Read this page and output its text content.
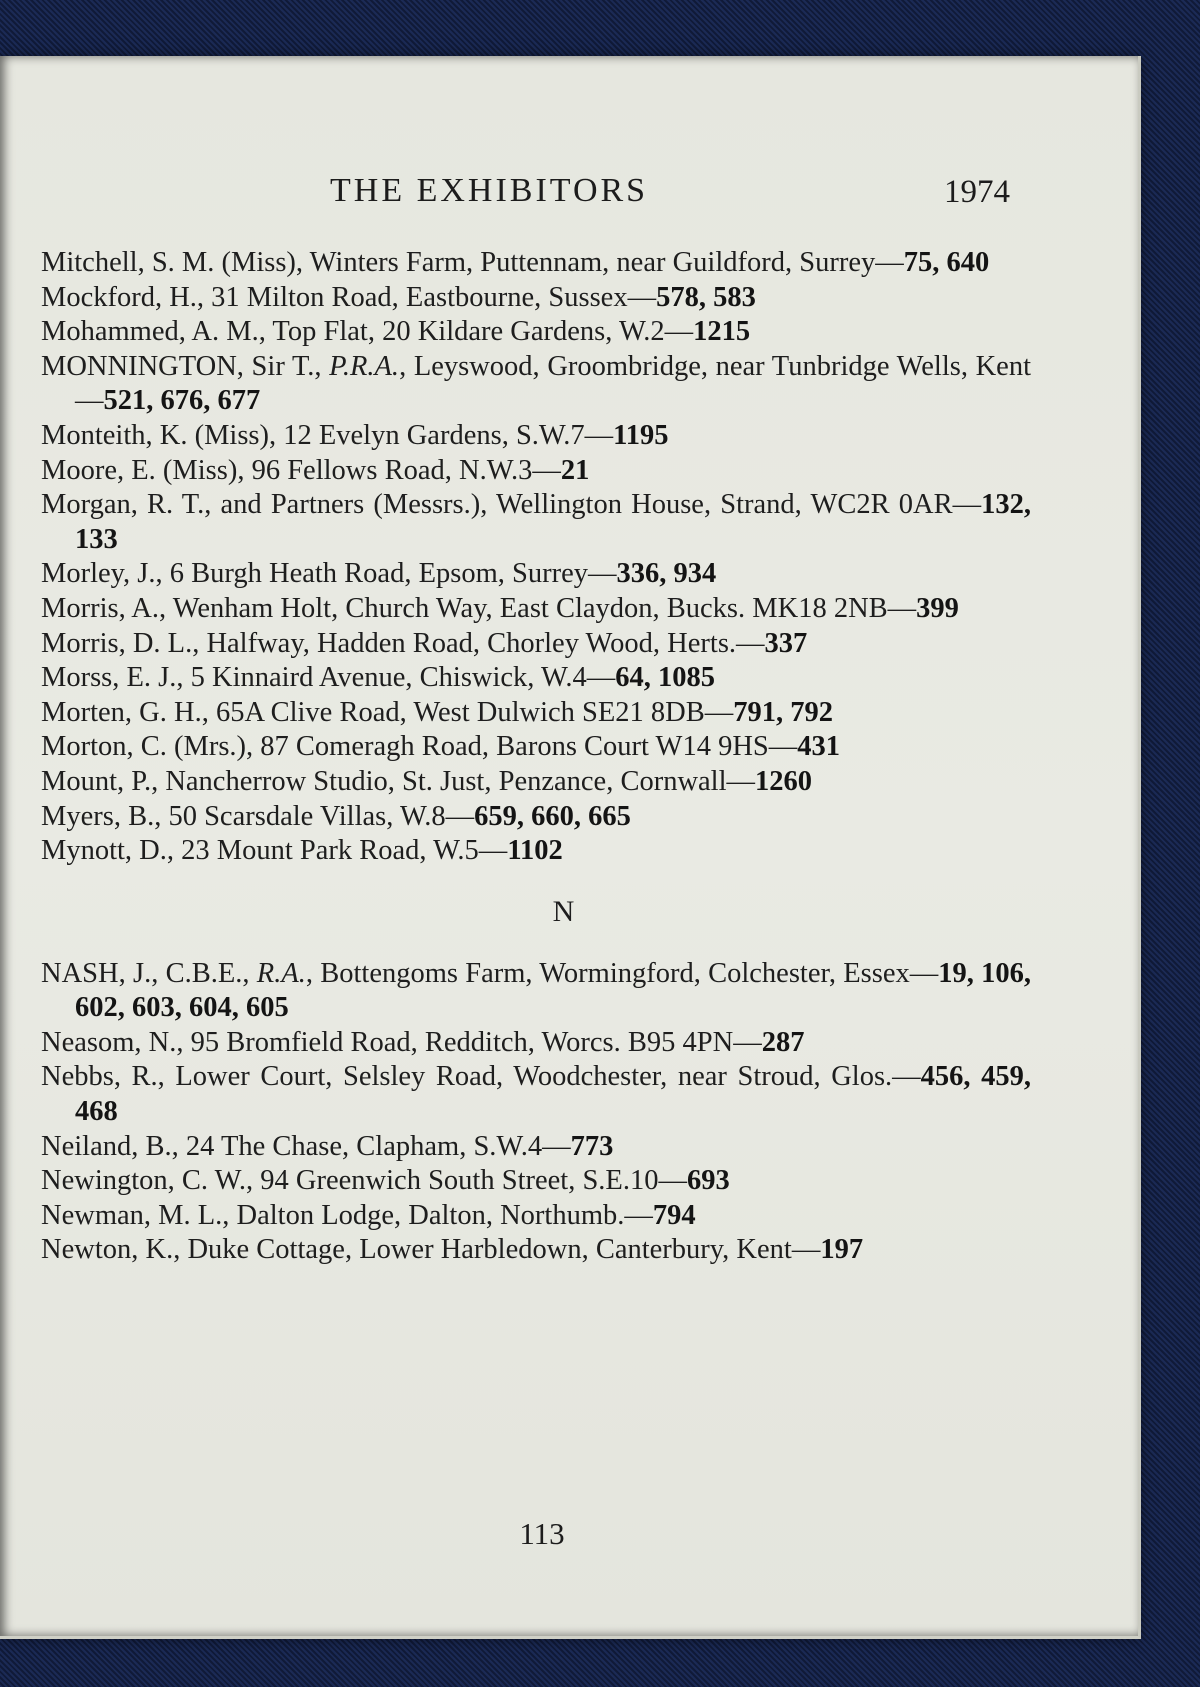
THE EXHIBITORS	1974
Mitchell, S. M. (Miss), Winters Farm, Puttennam, near Guildford, Surrey—75, 640
Mockford, H., 31 Milton Road, Eastbourne, Sussex—578, 583
Mohammed, A. M., Top Flat, 20 Kildare Gardens, W.2—1215
MONNINGTON, Sir T., P.R.A., Leyswood, Groombridge, near Tunbridge Wells, Kent—521, 676, 677
Monteith, K. (Miss), 12 Evelyn Gardens, S.W.7—1195
Moore, E. (Miss), 96 Fellows Road, N.W.3—21
Morgan, R. T., and Partners (Messrs.), Wellington House, Strand, WC2R 0AR—132, 133
Morley, J., 6 Burgh Heath Road, Epsom, Surrey—336, 934
Morris, A., Wenham Holt, Church Way, East Claydon, Bucks. MK18 2NB—399
Morris, D. L., Halfway, Hadden Road, Chorley Wood, Herts.—337
Morss, E. J., 5 Kinnaird Avenue, Chiswick, W.4—64, 1085
Morten, G. H., 65A Clive Road, West Dulwich SE21 8DB—791, 792
Morton, C. (Mrs.), 87 Comeragh Road, Barons Court W14 9HS—431
Mount, P., Nancherrow Studio, St. Just, Penzance, Cornwall—1260
Myers, B., 50 Scarsdale Villas, W.8—659, 660, 665
Mynott, D., 23 Mount Park Road, W.5—1102
N
NASH, J., C.B.E., R.A., Bottengoms Farm, Wormingford, Colchester, Essex—19, 106, 602, 603, 604, 605
Neasom, N., 95 Bromfield Road, Redditch, Worcs. B95 4PN—287
Nebbs, R., Lower Court, Selsley Road, Woodchester, near Stroud, Glos.—456, 459, 468
Neiland, B., 24 The Chase, Clapham, S.W.4—773
Newington, C. W., 94 Greenwich South Street, S.E.10—693
Newman, M. L., Dalton Lodge, Dalton, Northumb.—794
Newton, K., Duke Cottage, Lower Harbledown, Canterbury, Kent—197
113
